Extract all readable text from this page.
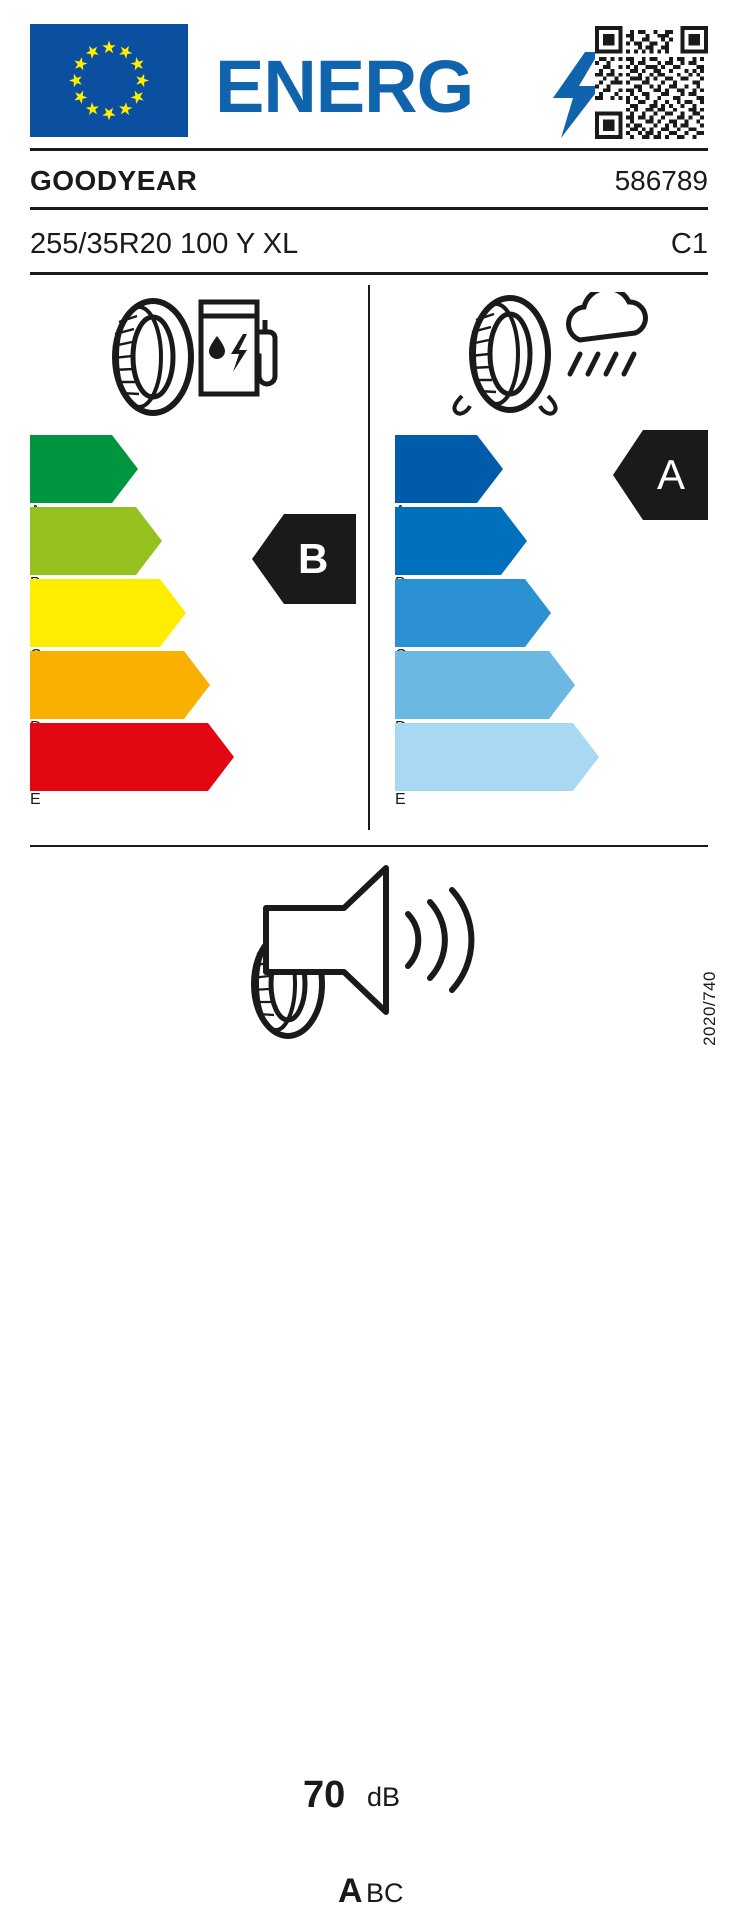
ENERG
GOODYEAR	586789
255/35R20 100 Y XL	C1
E
B
E
A
70 dB
A BC
2020/740
